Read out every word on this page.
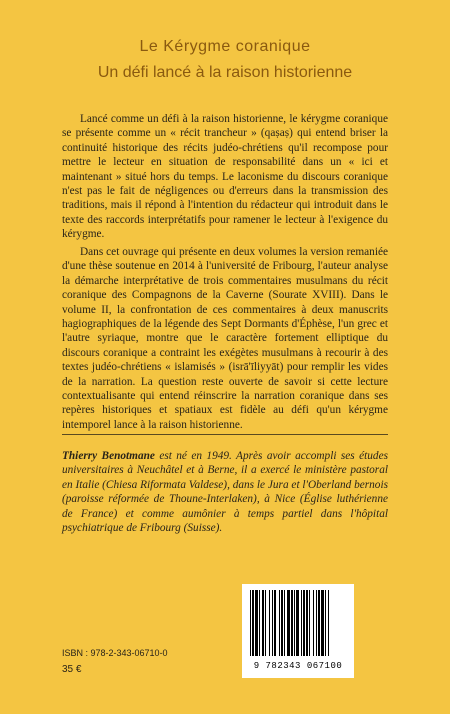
Le Kérygme coranique
Un défi lancé à la raison historienne

Lancé comme un défi à la raison historienne, le kérygme coranique se présente comme un « récit trancheur » (qaṣaṣ) qui entend briser la continuité historique des récits judéo-chrétiens qu'il recompose pour mettre le lecteur en situation de responsabilité dans un « ici et maintenant » situé hors du temps. Le laconisme du discours coranique n'est pas le fait de négligences ou d'erreurs dans la transmission des traditions, mais il répond à l'intention du rédacteur qui introduit dans le texte des raccords interprétatifs pour ramener le lecteur à l'exigence du kérygme.

Dans cet ouvrage qui présente en deux volumes la version remaniée d'une thèse soutenue en 2014 à l'université de Fribourg, l'auteur analyse la démarche interprétative de trois commentaires musulmans du récit coranique des Compagnons de la Caverne (Sourate XVIII). Dans le volume II, la confrontation de ces commentaires à deux manuscrits hagiographiques de la légende des Sept Dormants d'Éphèse, l'un grec et l'autre syriaque, montre que le caractère fortement elliptique du discours coranique a contraint les exégètes musulmans à recourir à des textes judéo-chrétiens « islamisés » (isrā'īliyyāt) pour remplir les vides de la narration. La question reste ouverte de savoir si cette lecture contextualisante qui entend réinscrire la narration coranique dans ses repères historiques et spatiaux est fidèle au défi qu'un kérygme intemporel lance à la raison historienne.

Thierry Benotmane est né en 1949. Après avoir accompli ses études universitaires à Neuchâtel et à Berne, il a exercé le ministère pastoral en Italie (Chiesa Riformata Valdese), dans le Jura et l'Oberland bernois (paroisse réformée de Thoune-Interlaken), à Nice (Église luthérienne de France) et comme aumônier à temps partiel dans l'hôpital psychiatrique de Fribourg (Suisse).

ISBN : 978-2-343-06710-0
35 €	9 782343 067100
